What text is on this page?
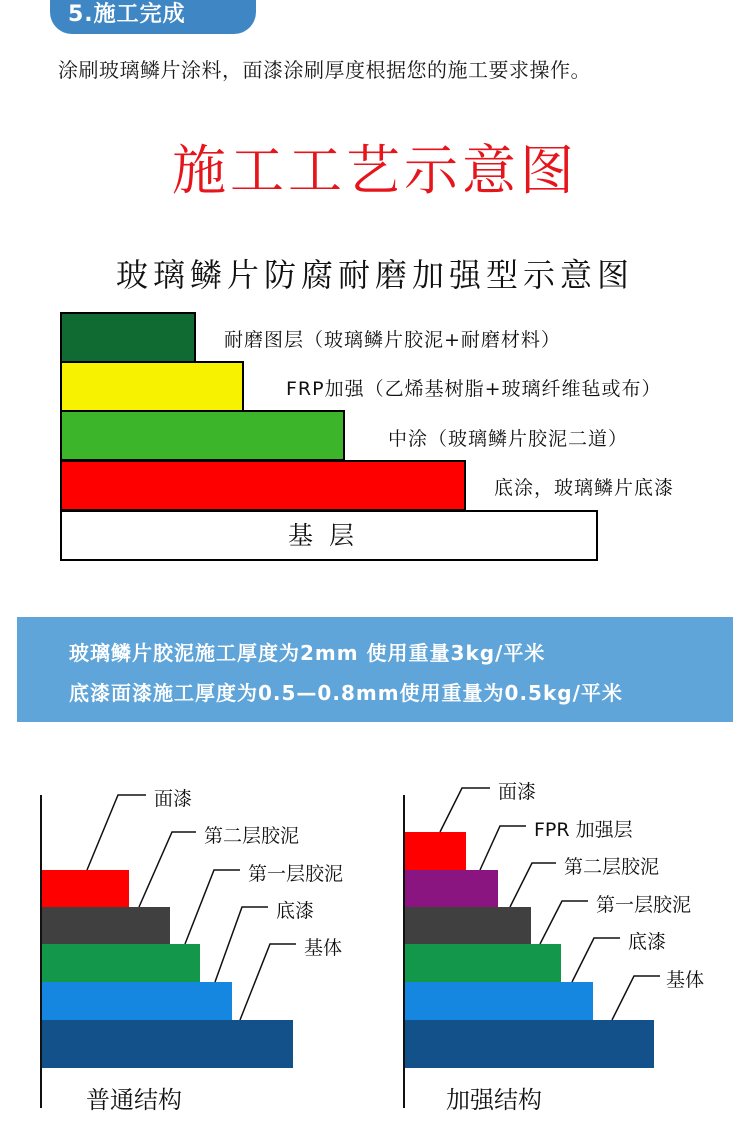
5.施工完成
涂刷玻璃鳞片涂料，面漆涂刷厚度根据您的施工要求操作。
施工工艺示意图
玻璃鳞片防腐耐磨加强型示意图
耐磨图层（玻璃鳞片胶泥+耐磨材料）
FRP加强（乙烯基树脂+玻璃纤维毡或布）
中涂（玻璃鳞片胶泥二道）
底涂，玻璃鳞片底漆
基层
玻璃鳞片胶泥施工厚度为2mm 使用重量3kg/平米
底漆面漆施工厚度为0.5—0.8mm使用重量为0.5kg/平米
面漆
第二层胶泥
第一层胶泥
底漆
基体
普通结构
面漆
FPR 加强层
第二层胶泥
第一层胶泥
底漆
基体
加强结构
